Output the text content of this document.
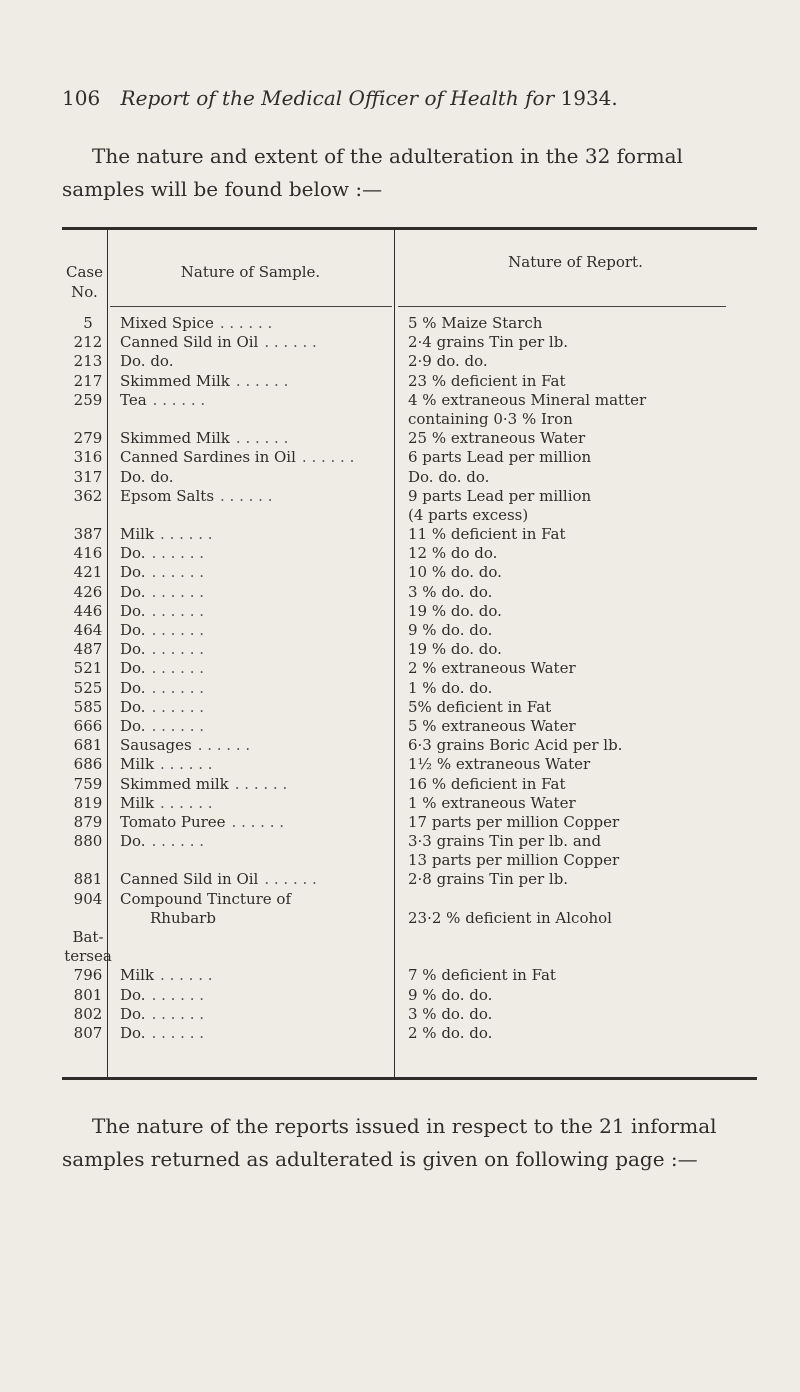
106 Report of the Medical Officer of Health for 1934.
The nature and extent of the adulteration in the 32 formal samples will be found below :—
Case No.
Nature of Sample.
Nature of Report.
5	Mixed Spice . . . . . .	5 % Maize Starch
212	Canned Sild in Oil . . . . . .	2·4 grains Tin per lb.
213	Do. do.	2·9 do. do.
217	Skimmed Milk . . . . . .	23 % deficient in Fat
259	Tea . . . . . .	4 % extraneous Mineral matter
containing 0·3 % Iron
279	Skimmed Milk . . . . . .	25 % extraneous Water
316	Canned Sardines in Oil . . . . . .	6 parts Lead per million
317	Do. do.	Do. do. do.
362	Epsom Salts . . . . . .	9 parts Lead per million
(4 parts excess)
387	Milk . . . . . .	11 % deficient in Fat
416	Do. . . . . . .	12 % do do.
421	Do. . . . . . .	10 % do. do.
426	Do. . . . . . .	3 % do. do.
446	Do. . . . . . .	19 % do. do.
464	Do. . . . . . .	9 % do. do.
487	Do. . . . . . .	19 % do. do.
521	Do. . . . . . .	2 % extraneous Water
525	Do. . . . . . .	1 % do. do.
585	Do. . . . . . .	5% deficient in Fat
666	Do. . . . . . .	5 % extraneous Water
681	Sausages . . . . . .	6·3 grains Boric Acid per lb.
686	Milk . . . . . .	1½ % extraneous Water
759	Skimmed milk . . . . . .	16 % deficient in Fat
819	Milk . . . . . .	1 % extraneous Water
879	Tomato Puree . . . . . .	17 parts per million Copper
880	Do. . . . . . .	3·3 grains Tin per lb. and
13 parts per million Copper
881	Canned Sild in Oil . . . . . .	2·8 grains Tin per lb.
904	Compound Tincture of
Rhubarb	23·2 % deficient in Alcohol
Bat-
tersea
796	Milk . . . . . .	7 % deficient in Fat
801	Do. . . . . . .	9 % do. do.
802	Do. . . . . . .	3 % do. do.
807	Do. . . . . . .	2 % do. do.
The nature of the reports issued in respect to the 21 informal samples returned as adulterated is given on following page :—
